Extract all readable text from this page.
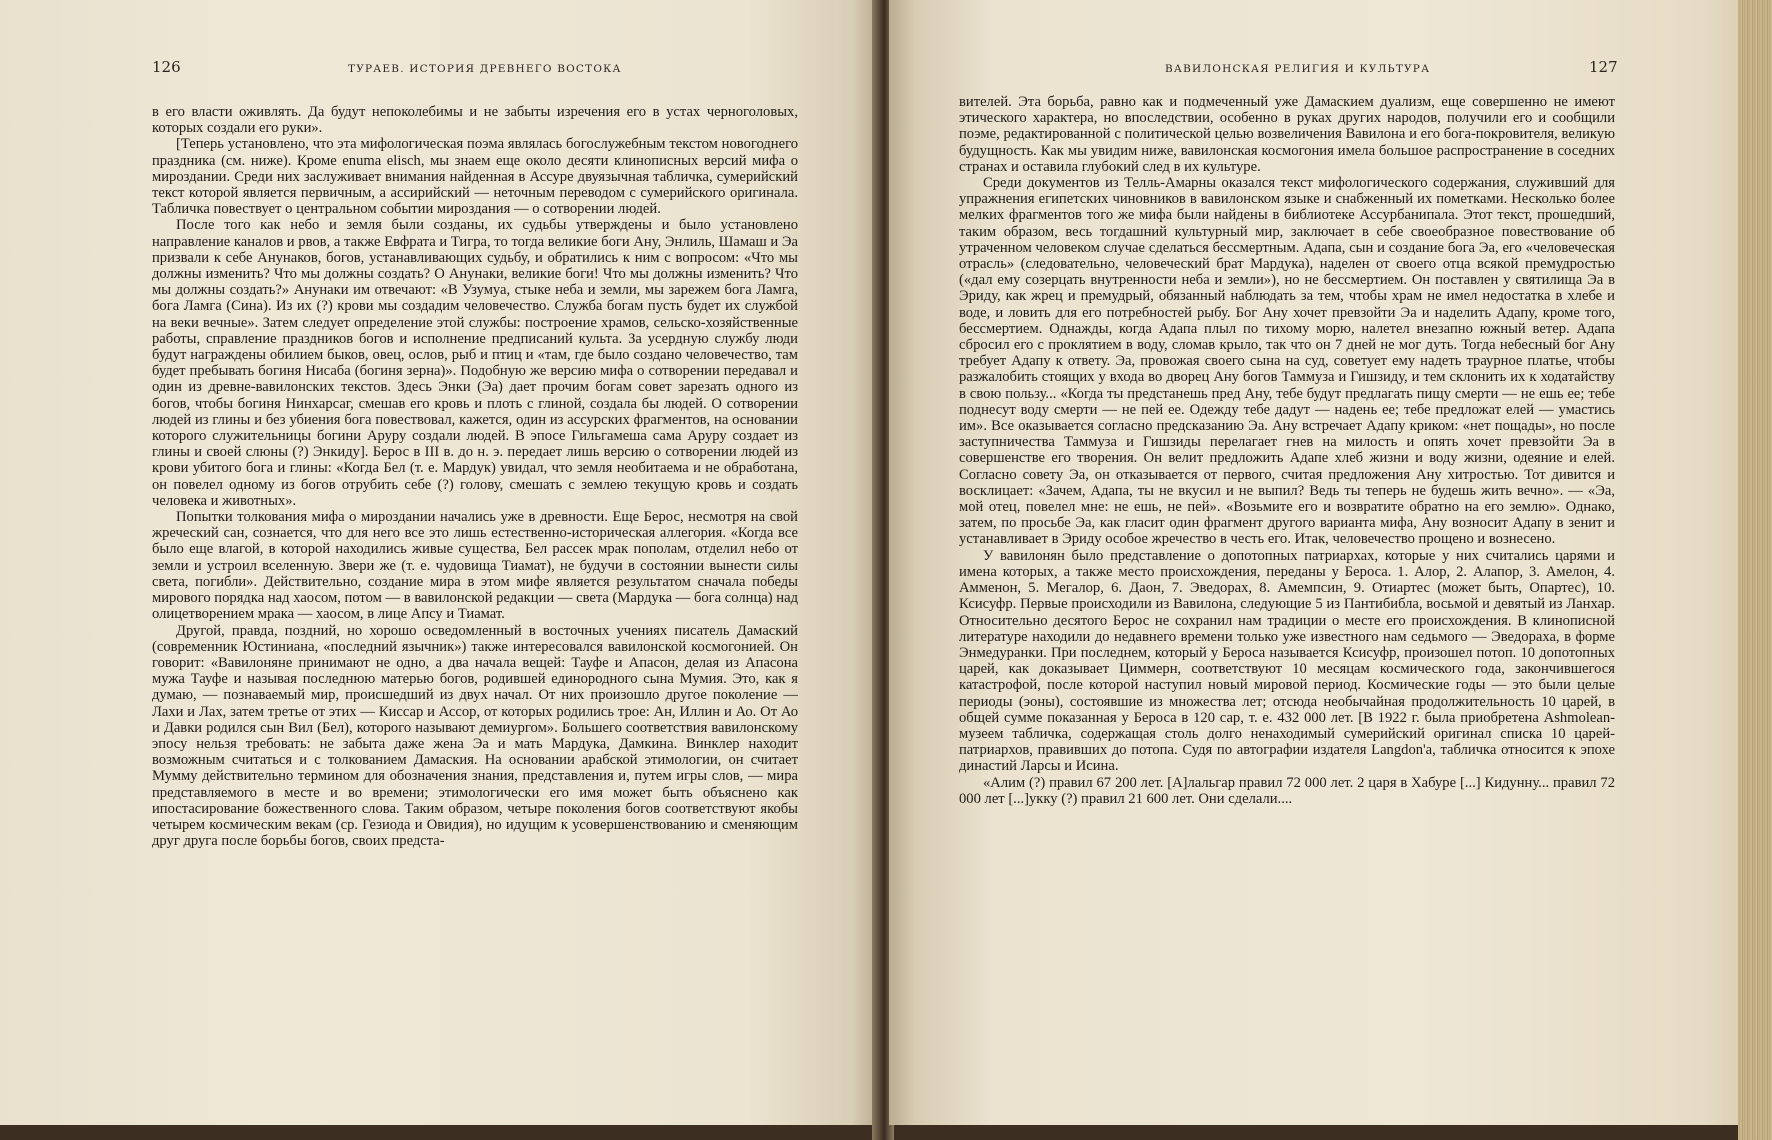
126	ТУРАЕВ. ИСТОРИЯ ДРЕВНЕГО ВОСТОКА

в его власти оживлять. Да будут непоколебимы и не забыты изречения его в устах черноголовых, которых создали его руки».

[Теперь установлено, что эта мифологическая поэма являлась богослужебным текстом новогоднего праздника (см. ниже). Кроме enuma elisch, мы знаем еще около десяти клинописных версий мифа о мироздании. Среди них заслуживает внимания найденная в Ассуре двуязычная табличка, сумерийский текст которой является первичным, а ассирийский — неточным переводом с сумерийского оригинала. Табличка повествует о центральном событии мироздания — о сотворении людей.

После того как небо и земля были созданы, их судьбы утверждены и было установлено направление каналов и рвов, а также Евфрата и Тигра, то тогда великие боги Ану, Энлиль, Шамаш и Эа призвали к себе Анунаков, богов, устанавливающих судьбу, и обратились к ним с вопросом: «Что мы должны изменить? Что мы должны создать? О Анунаки, великие боги! Что мы должны изменить? Что мы должны создать?» Анунаки им отвечают: «В Узумуа, стыке неба и земли, мы зарежем бога Ламга, бога Ламга (Сина). Из их (?) крови мы создадим человечество. Служба богам пусть будет их службой на веки вечные». Затем следует определение этой службы: построение храмов, сельско-хозяйственные работы, справление праздников богов и исполнение предписаний культа. За усердную службу люди будут награждены обилием быков, овец, ослов, рыб и птиц и «там, где было создано человечество, там будет пребывать богиня Нисаба (богиня зерна)». Подобную же версию мифа о сотворении передавал и один из древне-вавилонских текстов. Здесь Энки (Эа) дает прочим богам совет зарезать одного из богов, чтобы богиня Нинхарсаг, смешав его кровь и плоть с глиной, создала бы людей. О сотворении людей из глины и без убиения бога повествовал, кажется, один из ассурских фрагментов, на основании которого служительницы богини Аруру создали людей. В эпосе Гильгамеша сама Аруру создает из глины и своей слюны (?) Энкиду]. Берос в III в. до н. э. передает лишь версию о сотворении людей из крови убитого бога и глины: «Когда Бел (т. е. Мардук) увидал, что земля необитаема и не обработана, он повелел одному из богов отрубить себе (?) голову, смешать с землею текущую кровь и создать человека и животных».

Попытки толкования мифа о мироздании начались уже в древности. Еще Берос, несмотря на свой жреческий сан, сознается, что для него все это лишь естественно-историческая аллегория. «Когда все было еще влагой, в которой находились живые существа, Бел рассек мрак пополам, отделил небо от земли и устроил вселенную. Звери же (т. е. чудовища Тиамат), не будучи в состоянии вынести силы света, погибли». Действительно, создание мира в этом мифе является результатом сначала победы мирового порядка над хаосом, потом — в вавилонской редакции — света (Мардука — бога солнца) над олицетворением мрака — хаосом, в лице Апсу и Тиамат.

Другой, правда, поздний, но хорошо осведомленный в восточных учениях писатель Дамаский (современник Юстиниана, «последний язычник») также интересовался вавилонской космогонией. Он говорит: «Вавилоняне принимают не одно, а два начала вещей: Тауфе и Апасон, делая из Апасона мужа Тауфе и называя последнюю матерью богов, родившей единородного сына Мумия. Это, как я думаю, — познаваемый мир, происшедший из двух начал. От них произошло другое поколение — Лахи и Лах, затем третье от этих — Киссар и Ассор, от которых родились трое: Ан, Иллин и Ао. От Ао и Давки родился сын Вил (Бел), которого называют демиургом». Большего соответствия вавилонскому эпосу нельзя требовать: не забыта даже жена Эа и мать Мардука, Дамкина. Винклер находит возможным считаться и с толкованием Дамаския. На основании арабской этимологии, он считает Мумму действительно термином для обозначения знания, представления и, путем игры слов, — мира представляемого в месте и во времени; этимологически его имя может быть объяснено как ипостасирование божественного слова. Таким образом, четыре поколения богов соответствуют якобы четырем космическим векам (ср. Гезиода и Овидия), но идущим к усовершенствованию и сменяющим друг друга после борьбы богов, своих предста-

ВАВИЛОНСКАЯ РЕЛИГИЯ И КУЛЬТУРА	127

вителей. Эта борьба, равно как и подмеченный уже Дамаскием дуализм, еще совершенно не имеют этического характера, но впоследствии, особенно в руках других народов, получили его и сообщили поэме, редактированной с политической целью возвеличения Вавилона и его бога-покровителя, великую будущность. Как мы увидим ниже, вавилонская космогония имела большое распространение в соседних странах и оставила глубокий след в их культуре.

Среди документов из Телль-Амарны оказался текст мифологического содержания, служивший для упражнения египетских чиновников в вавилонском языке и снабженный их пометками. Несколько более мелких фрагментов того же мифа были найдены в библиотеке Ассурбанипала. Этот текст, прошедший, таким образом, весь тогдашний культурный мир, заключает в себе своеобразное повествование об утраченном человеком случае сделаться бессмертным. Адапа, сын и создание бога Эа, его «человеческая отрасль» (следовательно, человеческий брат Мардука), наделен от своего отца всякой премудростью («дал ему созерцать внутренности неба и земли»), но не бессмертием. Он поставлен у святилища Эа в Эриду, как жрец и премудрый, обязанный наблюдать за тем, чтобы храм не имел недостатка в хлебе и воде, и ловить для его потребностей рыбу. Бог Ану хочет превзойти Эа и наделить Адапу, кроме того, бессмертием. Однажды, когда Адапа плыл по тихому морю, налетел внезапно южный ветер. Адапа сбросил его с проклятием в воду, сломав крыло, так что он 7 дней не мог дуть. Тогда небесный бог Ану требует Адапу к ответу. Эа, провожая своего сына на суд, советует ему надеть траурное платье, чтобы разжалобить стоящих у входа во дворец Ану богов Таммуза и Гишзиду, и тем склонить их к ходатайству в свою пользу... «Когда ты предстанешь пред Ану, тебе будут предлагать пищу смерти — не ешь ее; тебе поднесут воду смерти — не пей ее. Одежду тебе дадут — надень ее; тебе предложат елей — умастись им». Все оказывается согласно предсказанию Эа. Ану встречает Адапу криком: «нет пощады», но после заступничества Таммуза и Гишзиды перелагает гнев на милость и опять хочет превзойти Эа в совершенстве его творения. Он велит предложить Адапе хлеб жизни и воду жизни, одеяние и елей. Согласно совету Эа, он отказывается от первого, считая предложения Ану хитростью. Тот дивится и восклицает: «Зачем, Адапа, ты не вкусил и не выпил? Ведь ты теперь не будешь жить вечно». — «Эа, мой отец, повелел мне: не ешь, не пей». «Возьмите его и возвратите обратно на его землю». Однако, затем, по просьбе Эа, как гласит один фрагмент другого варианта мифа, Ану возносит Адапу в зенит и устанавливает в Эриду особое жречество в честь его. Итак, человечество прощено и вознесено.

У вавилонян было представление о допотопных патриархах, которые у них считались царями и имена которых, а также место происхождения, переданы у Бероса. 1. Алор, 2. Алапор, 3. Амелон, 4. Амменон, 5. Мегалор, 6. Даон, 7. Эведорах, 8. Амемпсин, 9. Отиартес (может быть, Опартес), 10. Ксисуфр. Первые происходили из Вавилона, следующие 5 из Пантибибла, восьмой и девятый из Ланхар. Относительно десятого Берос не сохранил нам традиции о месте его происхождения. В клинописной литературе находили до недавнего времени только уже известного нам седьмого — Эведораха, в форме Энмедуранки. При последнем, который у Бероса называется Ксисуфр, произошел потоп. 10 допотопных царей, как доказывает Циммерн, соответствуют 10 месяцам космического года, закончившегося катастрофой, после которой наступил новый мировой период. Космические годы — это были целые периоды (эоны), состоявшие из множества лет; отсюда необычайная продолжительность 10 царей, в общей сумме показанная у Бероса в 120 сар, т. е. 432 000 лет. [В 1922 г. была приобретена Ashmolean-музеем табличка, содержащая столь долго ненаходимый сумерийский оригинал списка 10 царей-патриархов, правивших до потопа. Судя по автографии издателя Langdon'а, табличка относится к эпохе династий Ларсы и Исина.

«Алим (?) правил 67 200 лет. [А]лальгар правил 72 000 лет. 2 царя в Хабуре [...] Кидунну... правил 72 000 лет [...]укку (?) правил 21 600 лет. Они сделали....
